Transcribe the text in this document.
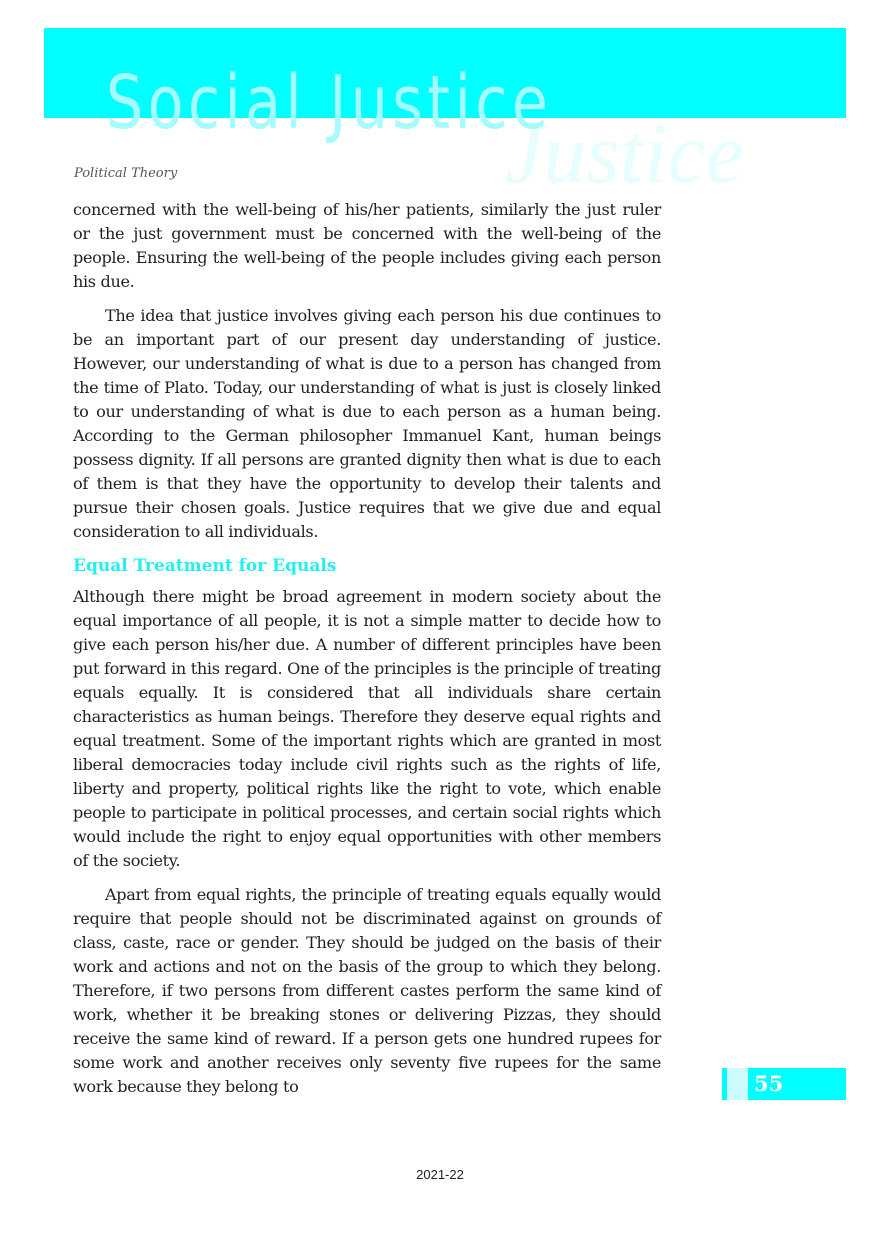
Justice
Social Justice
Political Theory

concerned with the well-being of his/her patients, similarly the just ruler or the just government must be concerned with the well-being of the people. Ensuring the well-being of the people includes giving each person his due.

The idea that justice involves giving each person his due continues to be an important part of our present day understanding of justice. However, our understanding of what is due to a person has changed from the time of Plato. Today, our understanding of what is just is closely linked to our understanding of what is due to each person as a human being. According to the German philosopher Immanuel Kant, human beings possess dignity. If all persons are granted dignity then what is due to each of them is that they have the opportunity to develop their talents and pursue their chosen goals. Justice requires that we give due and equal consideration to all individuals.

Equal Treatment for Equals

Although there might be broad agreement in modern society about the equal importance of all people, it is not a simple matter to decide how to give each person his/her due. A number of different principles have been put forward in this regard. One of the principles is the principle of treating equals equally. It is considered that all individuals share certain characteristics as human beings. Therefore they deserve equal rights and equal treatment. Some of the important rights which are granted in most liberal democracies today include civil rights such as the rights of life, liberty and property, political rights like the right to vote, which enable people to participate in political processes, and certain social rights which would include the right to enjoy equal opportunities with other members of the society.

Apart from equal rights, the principle of treating equals equally would require that people should not be discriminated against on grounds of class, caste, race or gender. They should be judged on the basis of their work and actions and not on the basis of the group to which they belong. Therefore, if two persons from different castes perform the same kind of work, whether it be breaking stones or delivering Pizzas, they should receive the same kind of reward. If a person gets one hundred rupees for some work and another receives only seventy five rupees for the same work because they belong to	55
2021-22
